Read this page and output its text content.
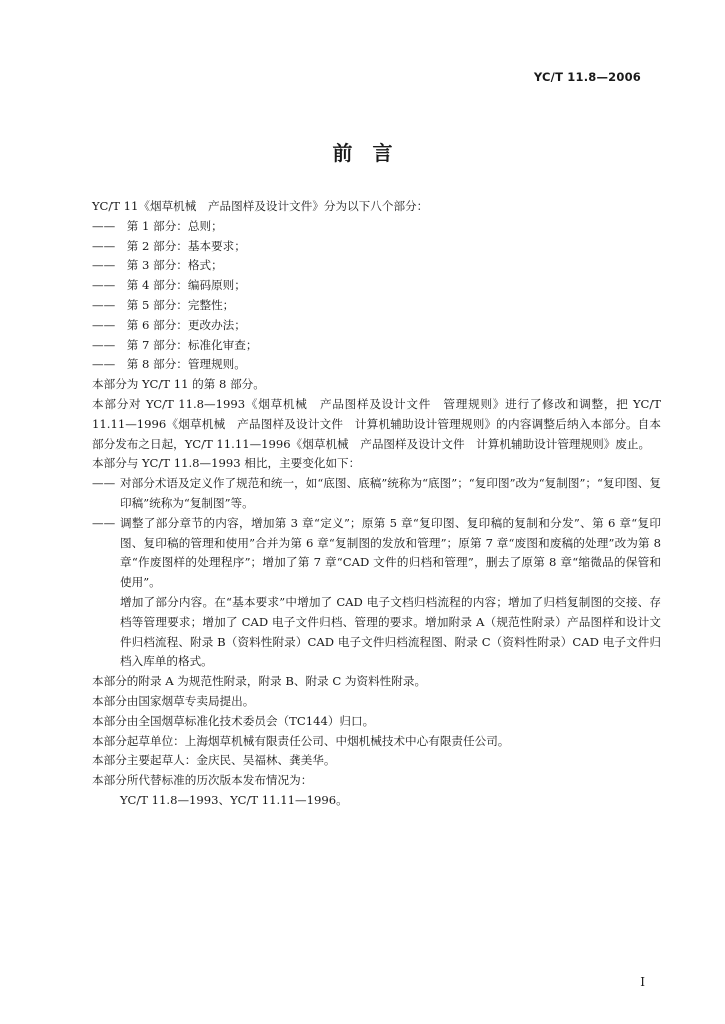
YC/T 11.8—2006
前　言

YC/T 11《烟草机械　产品图样及设计文件》分为以下八个部分：

——　第 1 部分：总则；

——　第 2 部分：基本要求；

——　第 3 部分：格式；

——　第 4 部分：编码原则；

——　第 5 部分：完整性；

——　第 6 部分：更改办法；

——　第 7 部分：标准化审查；

——　第 8 部分：管理规则。

本部分为 YC/T 11 的第 8 部分。

本部分对 YC/T 11.8—1993《烟草机械　产品图样及设计文件　管理规则》进行了修改和调整，把 YC/T 11.11—1996《烟草机械　产品图样及设计文件　计算机辅助设计管理规则》的内容调整后纳入本部分。自本部分发布之日起，YC/T 11.11—1996《烟草机械　产品图样及设计文件　计算机辅助设计管理规则》废止。

本部分与 YC/T 11.8—1993 相比，主要变化如下：

—— 对部分术语及定义作了规范和统一，如“底图、底稿”统称为“底图”；“复印图”改为“复制图”；“复印图、复印稿”统称为“复制图”等。
—— 调整了部分章节的内容，增加第 3 章“定义”；原第 5 章“复印图、复印稿的复制和分发”、第 6 章“复印图、复印稿的管理和使用”合并为第 6 章“复制图的发放和管理”；原第 7 章“废图和废稿的处理”改为第 8 章“作废图样的处理程序”；增加了第 7 章“CAD 文件的归档和管理”，删去了原第 8 章“缩微品的保管和使用”。

增加了部分内容。在“基本要求”中增加了 CAD 电子文档归档流程的内容；增加了归档复制图的交接、存档等管理要求；增加了 CAD 电子文件归档、管理的要求。增加附录 A（规范性附录）产品图样和设计文件归档流程、附录 B（资料性附录）CAD 电子文件归档流程图、附录 C（资料性附录）CAD 电子文件归档入库单的格式。

本部分的附录 A 为规范性附录，附录 B、附录 C 为资料性附录。

本部分由国家烟草专卖局提出。

本部分由全国烟草标准化技术委员会（TC144）归口。

本部分起草单位：上海烟草机械有限责任公司、中烟机械技术中心有限责任公司。

本部分主要起草人：金庆民、吴福林、龚美华。

本部分所代替标准的历次版本发布情况为：

YC/T 11.8—1993、YC/T 11.11—1996。

I
